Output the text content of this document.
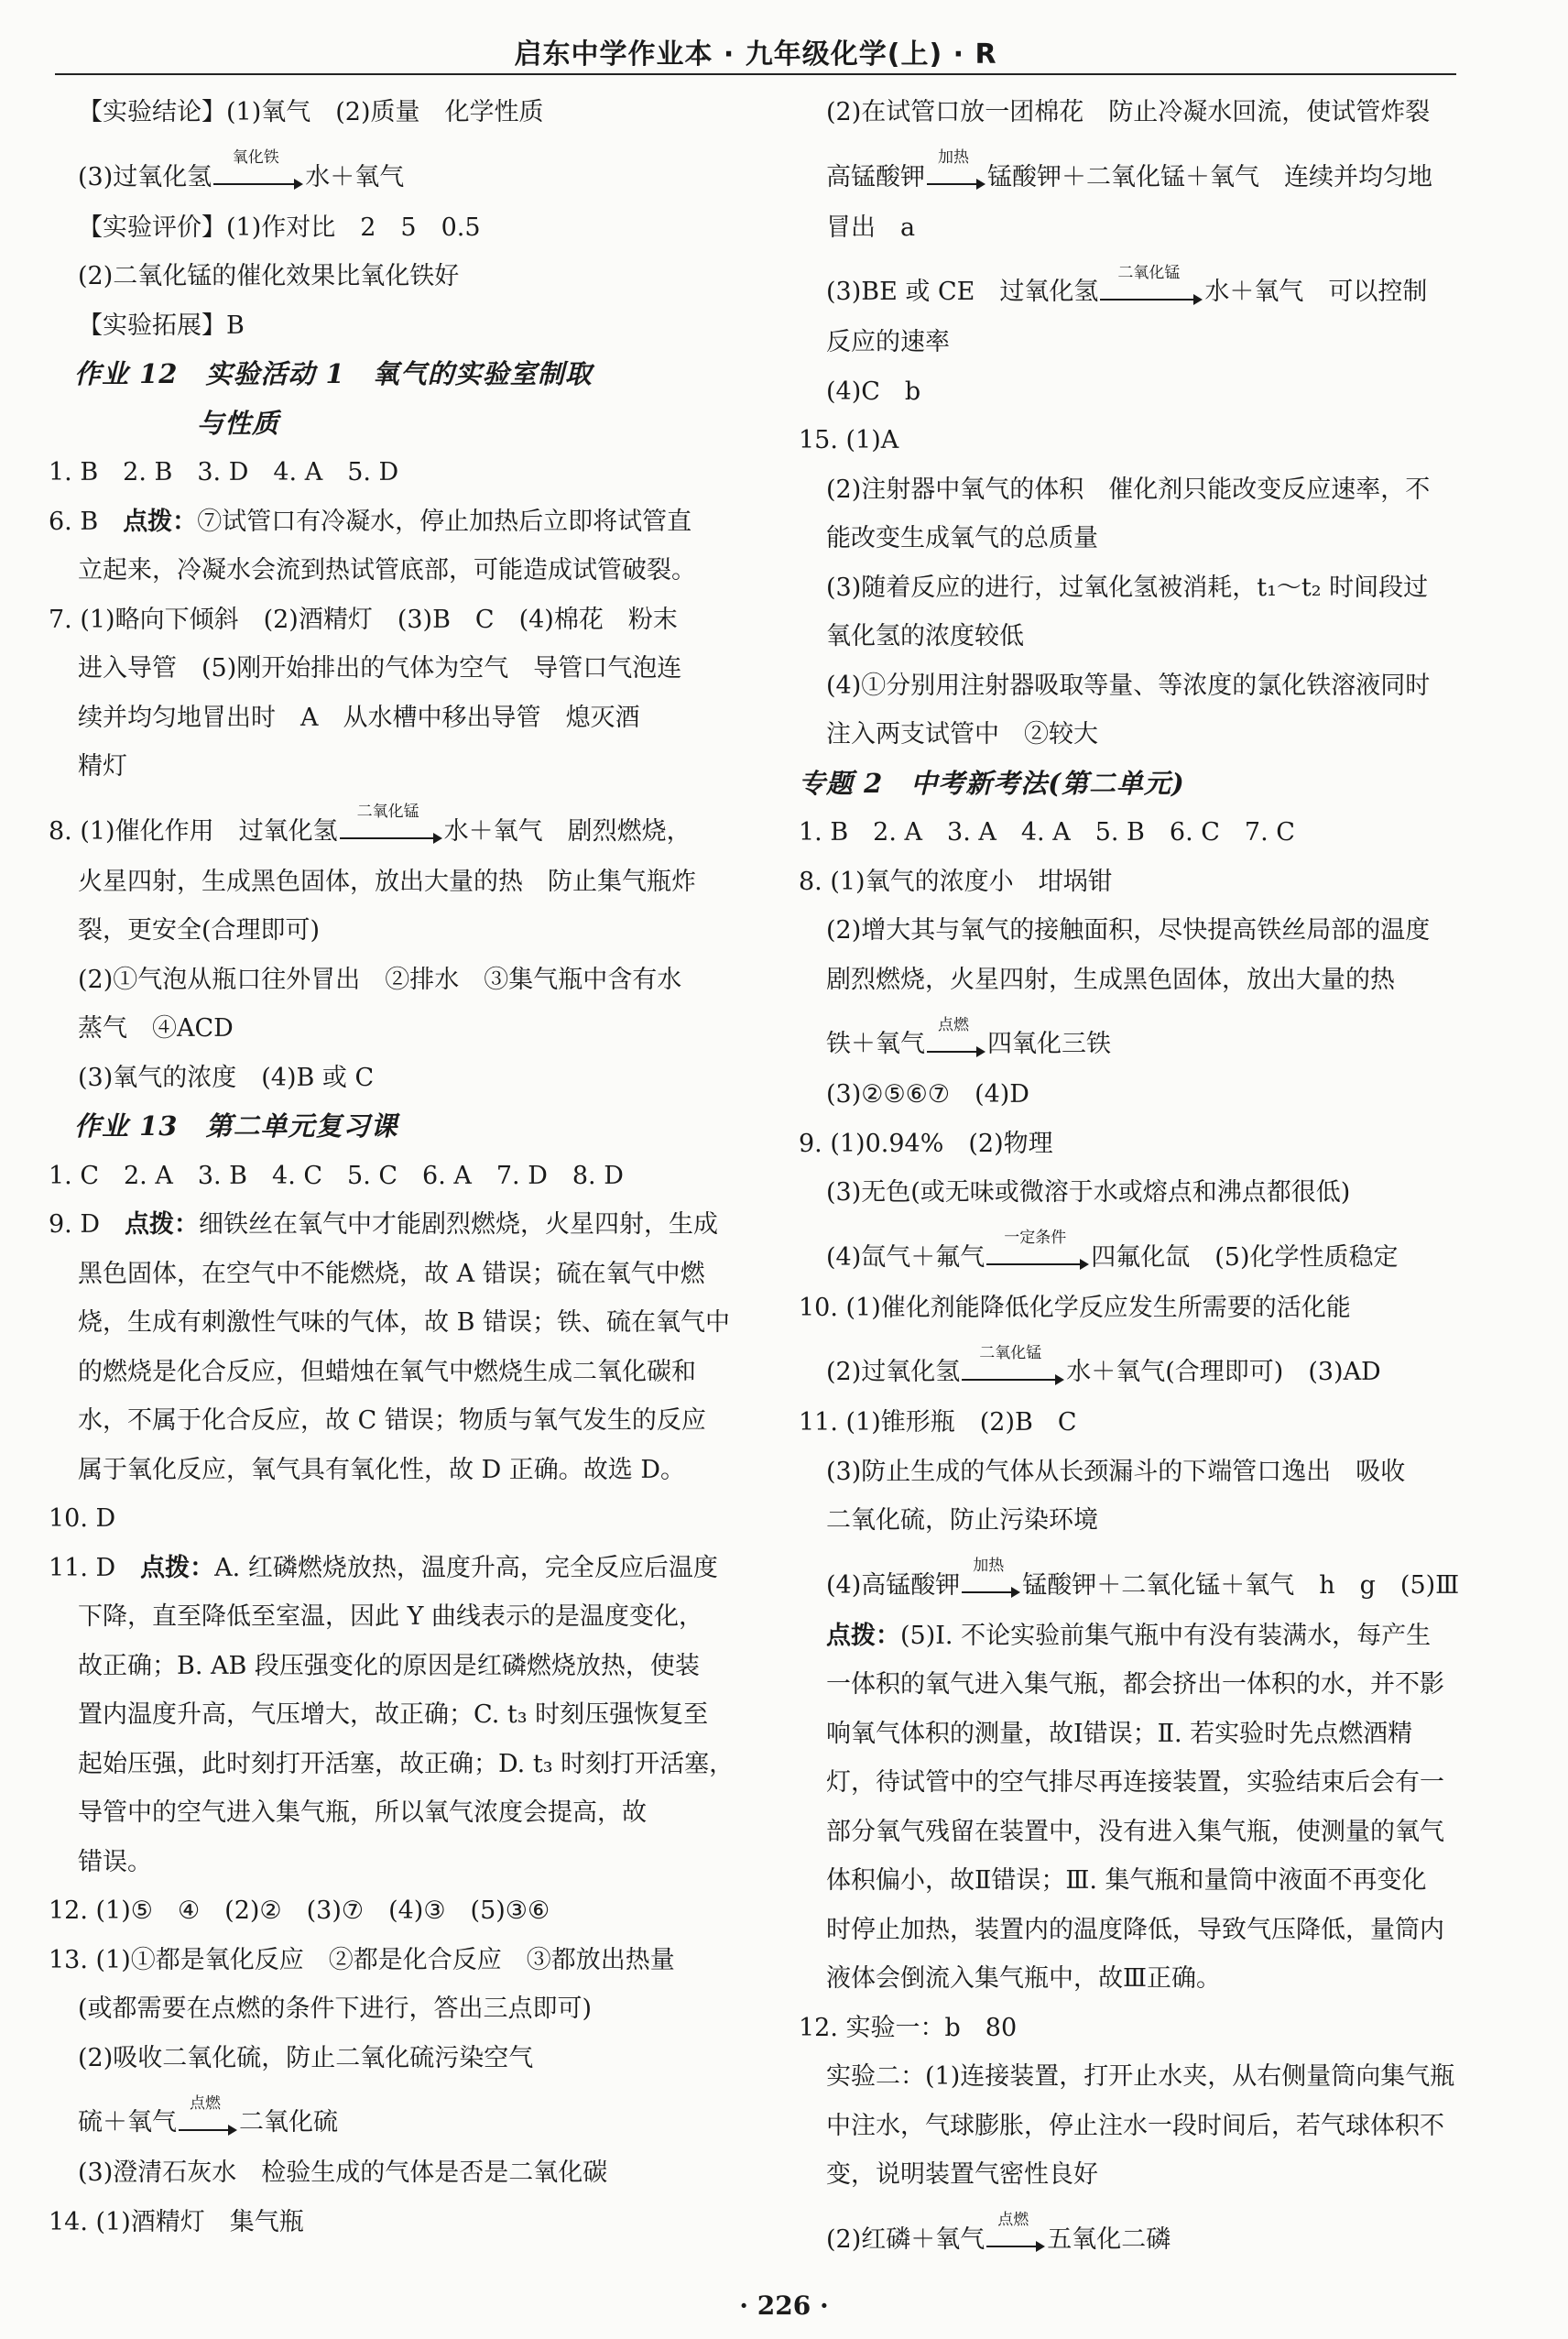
启东中学作业本 · 九年级化学(上) · R
【实验结论】(1)氧气　(2)质量　化学性质
(3)过氧化氢
氧化铁
水＋氧气
【实验评价】(1)作对比　2　5　0.5
(2)二氧化锰的催化效果比氧化铁好
【实验拓展】B
作业 12　实验活动 1　氧气的实验室制取
与性质
1. B　2. B　3. D　4. A　5. D
6. B　点拨：⑦试管口有冷凝水，停止加热后立即将试管直
立起来，冷凝水会流到热试管底部，可能造成试管破裂。
7. (1)略向下倾斜　(2)酒精灯　(3)B　C　(4)棉花　粉末
进入导管　(5)刚开始排出的气体为空气　导管口气泡连
续并均匀地冒出时　A　从水槽中移出导管　熄灭酒
精灯
8. (1)催化作用　过氧化氢
二氧化锰
水＋氧气　剧烈燃烧，
火星四射，生成黑色固体，放出大量的热　防止集气瓶炸
裂，更安全(合理即可)
(2)①气泡从瓶口往外冒出　②排水　③集气瓶中含有水
蒸气　④ACD
(3)氧气的浓度　(4)B 或 C
作业 13　第二单元复习课
1. C　2. A　3. B　4. C　5. C　6. A　7. D　8. D
9. D　点拨：细铁丝在氧气中才能剧烈燃烧，火星四射，生成
黑色固体，在空气中不能燃烧，故 A 错误；硫在氧气中燃
烧，生成有刺激性气味的气体，故 B 错误；铁、硫在氧气中
的燃烧是化合反应，但蜡烛在氧气中燃烧生成二氧化碳和
水，不属于化合反应，故 C 错误；物质与氧气发生的反应
属于氧化反应，氧气具有氧化性，故 D 正确。故选 D。
10. D
11. D　点拨：A. 红磷燃烧放热，温度升高，完全反应后温度
下降，直至降低至室温，因此 Y 曲线表示的是温度变化，
故正确；B. AB 段压强变化的原因是红磷燃烧放热，使装
置内温度升高，气压增大，故正确；C. t₃ 时刻压强恢复至
起始压强，此时刻打开活塞，故正确；D. t₃ 时刻打开活塞，
导管中的空气进入集气瓶，所以氧气浓度会提高，故
错误。
12. (1)⑤　④　(2)②　(3)⑦　(4)③　(5)③⑥
13. (1)①都是氧化反应　②都是化合反应　③都放出热量
(或都需要在点燃的条件下进行，答出三点即可)
(2)吸收二氧化硫，防止二氧化硫污染空气
硫＋氧气
点燃
二氧化硫
(3)澄清石灰水　检验生成的气体是否是二氧化碳
14. (1)酒精灯　集气瓶
(2)在试管口放一团棉花　防止冷凝水回流，使试管炸裂
高锰酸钾
加热
锰酸钾＋二氧化锰＋氧气　连续并均匀地
冒出　a
(3)BE 或 CE　过氧化氢
二氧化锰
水＋氧气　可以控制
反应的速率
(4)C　b
15. (1)A
(2)注射器中氧气的体积　催化剂只能改变反应速率，不
能改变生成氧气的总质量
(3)随着反应的进行，过氧化氢被消耗，t₁～t₂ 时间段过
氧化氢的浓度较低
(4)①分别用注射器吸取等量、等浓度的氯化铁溶液同时
注入两支试管中　②较大
专题 2　中考新考法(第二单元)
1. B　2. A　3. A　4. A　5. B　6. C　7. C
8. (1)氧气的浓度小　坩埚钳
(2)增大其与氧气的接触面积，尽快提高铁丝局部的温度
剧烈燃烧，火星四射，生成黑色固体，放出大量的热
铁＋氧气
点燃
四氧化三铁
(3)②⑤⑥⑦　(4)D
9. (1)0.94%　(2)物理
(3)无色(或无味或微溶于水或熔点和沸点都很低)
(4)氙气＋氟气
一定条件
四氟化氙　(5)化学性质稳定
10. (1)催化剂能降低化学反应发生所需要的活化能
(2)过氧化氢
二氧化锰
水＋氧气(合理即可)　(3)AD
11. (1)锥形瓶　(2)B　C
(3)防止生成的气体从长颈漏斗的下端管口逸出　吸收
二氧化硫，防止污染环境
(4)高锰酸钾
加热
锰酸钾＋二氧化锰＋氧气　h　g　(5)Ⅲ
点拨：(5)Ⅰ. 不论实验前集气瓶中有没有装满水，每产生
一体积的氧气进入集气瓶，都会挤出一体积的水，并不影
响氧气体积的测量，故Ⅰ错误；Ⅱ. 若实验时先点燃酒精
灯，待试管中的空气排尽再连接装置，实验结束后会有一
部分氧气残留在装置中，没有进入集气瓶，使测量的氧气
体积偏小，故Ⅱ错误；Ⅲ. 集气瓶和量筒中液面不再变化
时停止加热，装置内的温度降低，导致气压降低，量筒内
液体会倒流入集气瓶中，故Ⅲ正确。
12. 实验一：b　80
实验二：(1)连接装置，打开止水夹，从右侧量筒向集气瓶
中注水，气球膨胀，停止注水一段时间后，若气球体积不
变，说明装置气密性良好
(2)红磷＋氧气
点燃
五氧化二磷
· 226 ·
